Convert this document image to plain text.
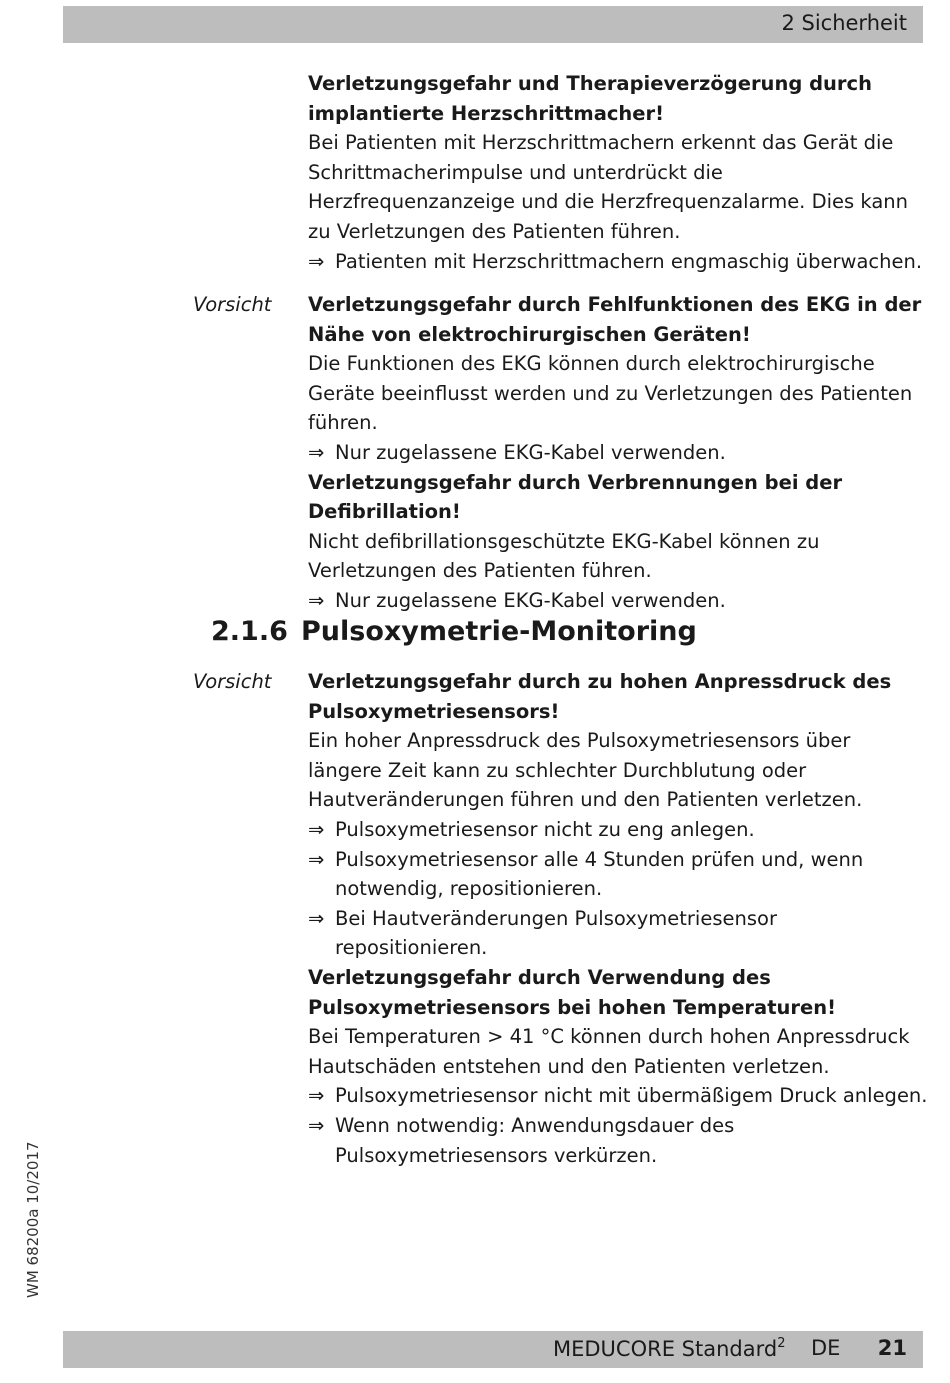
2 Sicherheit
Verletzungsgefahr und Therapieverzögerung durch implantierte Herzschrittmacher!
Bei Patienten mit Herzschrittmachern erkennt das Gerät die Schrittmacherimpulse und unterdrückt die Herzfrequenzanzeige und die Herzfrequenzalarme. Dies kann zu Verletzungen des Patienten führen.
⇒ Patienten mit Herzschrittmachern engmaschig überwachen.
Vorsicht Verletzungsgefahr durch Fehlfunktionen des EKG in der Nähe von elektrochirurgischen Geräten!
Die Funktionen des EKG können durch elektrochirurgische Geräte beeinflusst werden und zu Verletzungen des Patienten führen.
⇒ Nur zugelassene EKG-Kabel verwenden.
Verletzungsgefahr durch Verbrennungen bei der Defibrillation!
Nicht defibrillationsgeschützte EKG-Kabel können zu Verletzungen des Patienten führen.
⇒ Nur zugelassene EKG-Kabel verwenden.
2.1.6 Pulsoxymetrie-Monitoring
Vorsicht Verletzungsgefahr durch zu hohen Anpressdruck des Pulsoxymetriesensors!
Ein hoher Anpressdruck des Pulsoxymetriesensors über längere Zeit kann zu schlechter Durchblutung oder Hautveränderungen führen und den Patienten verletzen.
⇒ Pulsoxymetriesensor nicht zu eng anlegen.
⇒ Pulsoxymetriesensor alle 4 Stunden prüfen und, wenn notwendig, repositionieren.
⇒ Bei Hautveränderungen Pulsoxymetriesensor repositionieren.
Verletzungsgefahr durch Verwendung des Pulsoxymetriesensors bei hohen Temperaturen!
Bei Temperaturen > 41 °C können durch hohen Anpressdruck Hautschäden entstehen und den Patienten verletzen.
⇒ Pulsoxymetriesensor nicht mit übermäßigem Druck anlegen.
⇒ Wenn notwendig: Anwendungsdauer des Pulsoxymetriesensors verkürzen.
WM 68200a 10/2017
MEDUCORE Standard$^2$ DE 21
